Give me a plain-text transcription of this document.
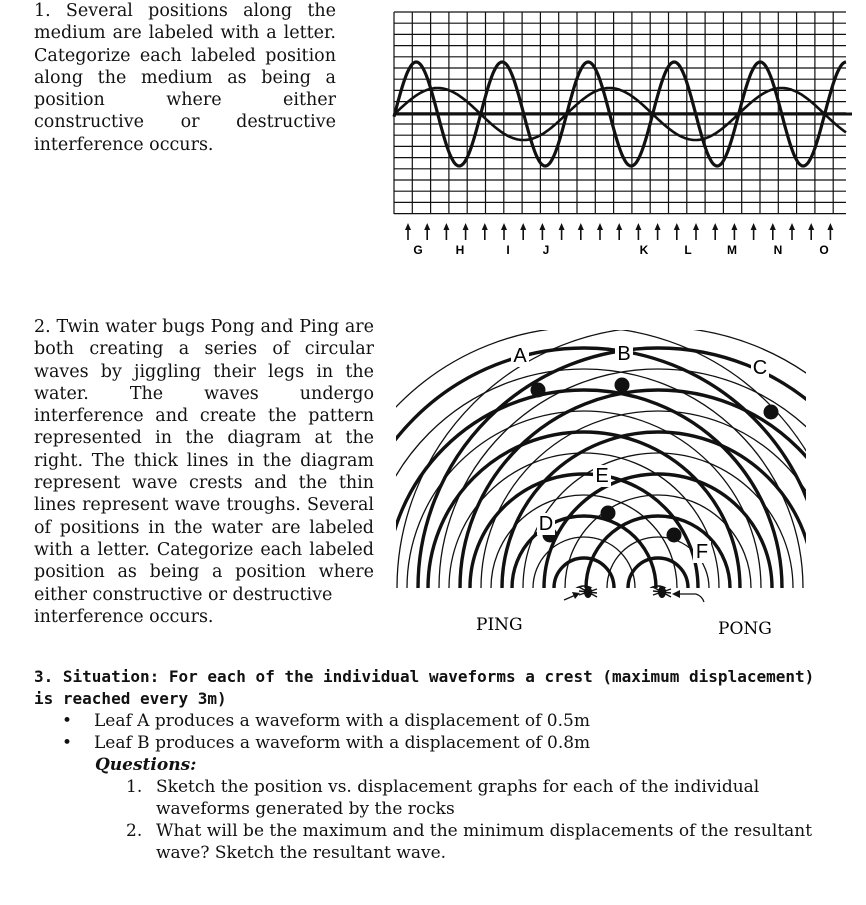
1. Several positions along the medium are labeled with a letter. Categorize each labeled position along the medium as being a position where either constructive or destructive interference occurs.
G	H	I	J	K	L	M	N	O
2. Twin water bugs Pong and Ping are both creating a series of circular waves by jiggling their legs in the water. The waves undergo interference and create the pattern represented in the diagram at the right. The thick lines in the diagram represent wave crests and the thin lines represent wave troughs. Several of positions in the water are labeled with a letter. Categorize each labeled position as being a position where either constructive or destructive
interference occurs.
A	B
C
D
E
F
PING	PONG
3. Situation: For each of the individual waveforms a crest (maximum displacement) is reached every 3m)
• Leaf A produces a waveform with a displacement of 0.5m
• Leaf B produces a waveform with a displacement of 0.8m
Questions:
1. Sketch the position vs. displacement graphs for each of the individual waveforms generated by the rocks
2. What will be the maximum and the minimum displacements of the resultant wave? Sketch the resultant wave.
